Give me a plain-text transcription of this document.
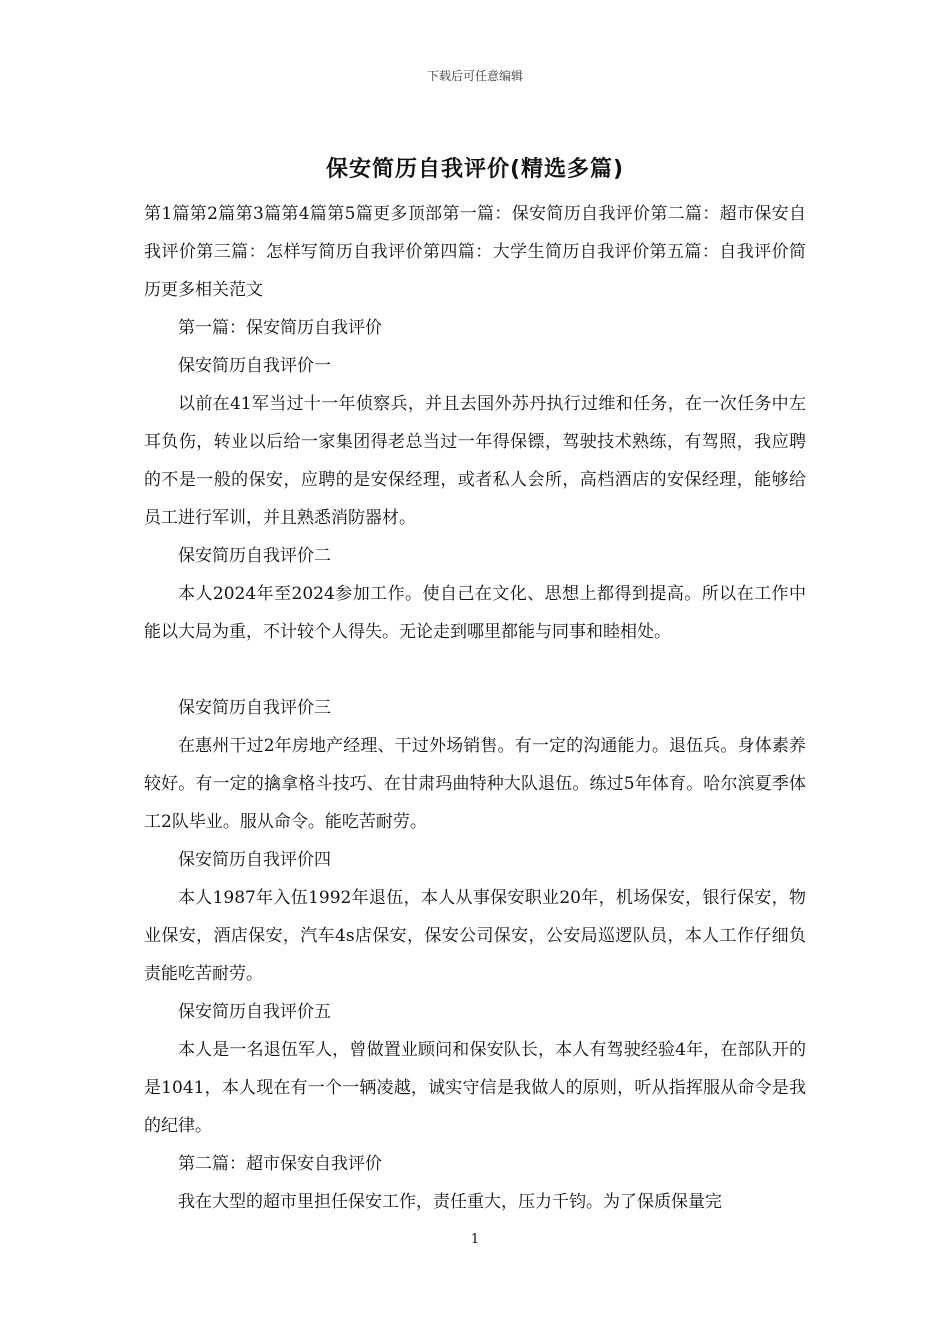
下载后可任意编辑
保安简历自我评价(精选多篇)

第1篇第2篇第3篇第4篇第5篇更多顶部第一篇：保安简历自我评价第二篇：超市保安自我评价第三篇：怎样写简历自我评价第四篇：大学生简历自我评价第五篇：自我评价简历更多相关范文

第一篇：保安简历自我评价

保安简历自我评价一

以前在41军当过十一年侦察兵，并且去国外苏丹执行过维和任务，在一次任务中左耳负伤，转业以后给一家集团得老总当过一年得保镖，驾驶技术熟练，有驾照，我应聘的不是一般的保安，应聘的是安保经理，或者私人会所，高档酒店的安保经理，能够给员工进行军训，并且熟悉消防器材。

保安简历自我评价二

本人2024年至2024参加工作。使自己在文化、思想上都得到提高。所以在工作中能以大局为重，不计较个人得失。无论走到哪里都能与同事和睦相处。

保安简历自我评价三

在惠州干过2年房地产经理、干过外场销售。有一定的沟通能力。退伍兵。身体素养较好。有一定的擒拿格斗技巧、在甘肃玛曲特种大队退伍。练过5年体育。哈尔滨夏季体工2队毕业。服从命令。能吃苦耐劳。

保安简历自我评价四

本人1987年入伍1992年退伍，本人从事保安职业20年，机场保安，银行保安，物业保安，酒店保安，汽车4s店保安，保安公司保安，公安局巡逻队员，本人工作仔细负责能吃苦耐劳。

保安简历自我评价五

本人是一名退伍军人，曾做置业顾问和保安队长，本人有驾驶经验4年，在部队开的是1041，本人现在有一个一辆凌越，诚实守信是我做人的原则，听从指挥服从命令是我的纪律。

第二篇：超市保安自我评价

我在大型的超市里担任保安工作，责任重大，压力千钧。为了保质保量完

1
